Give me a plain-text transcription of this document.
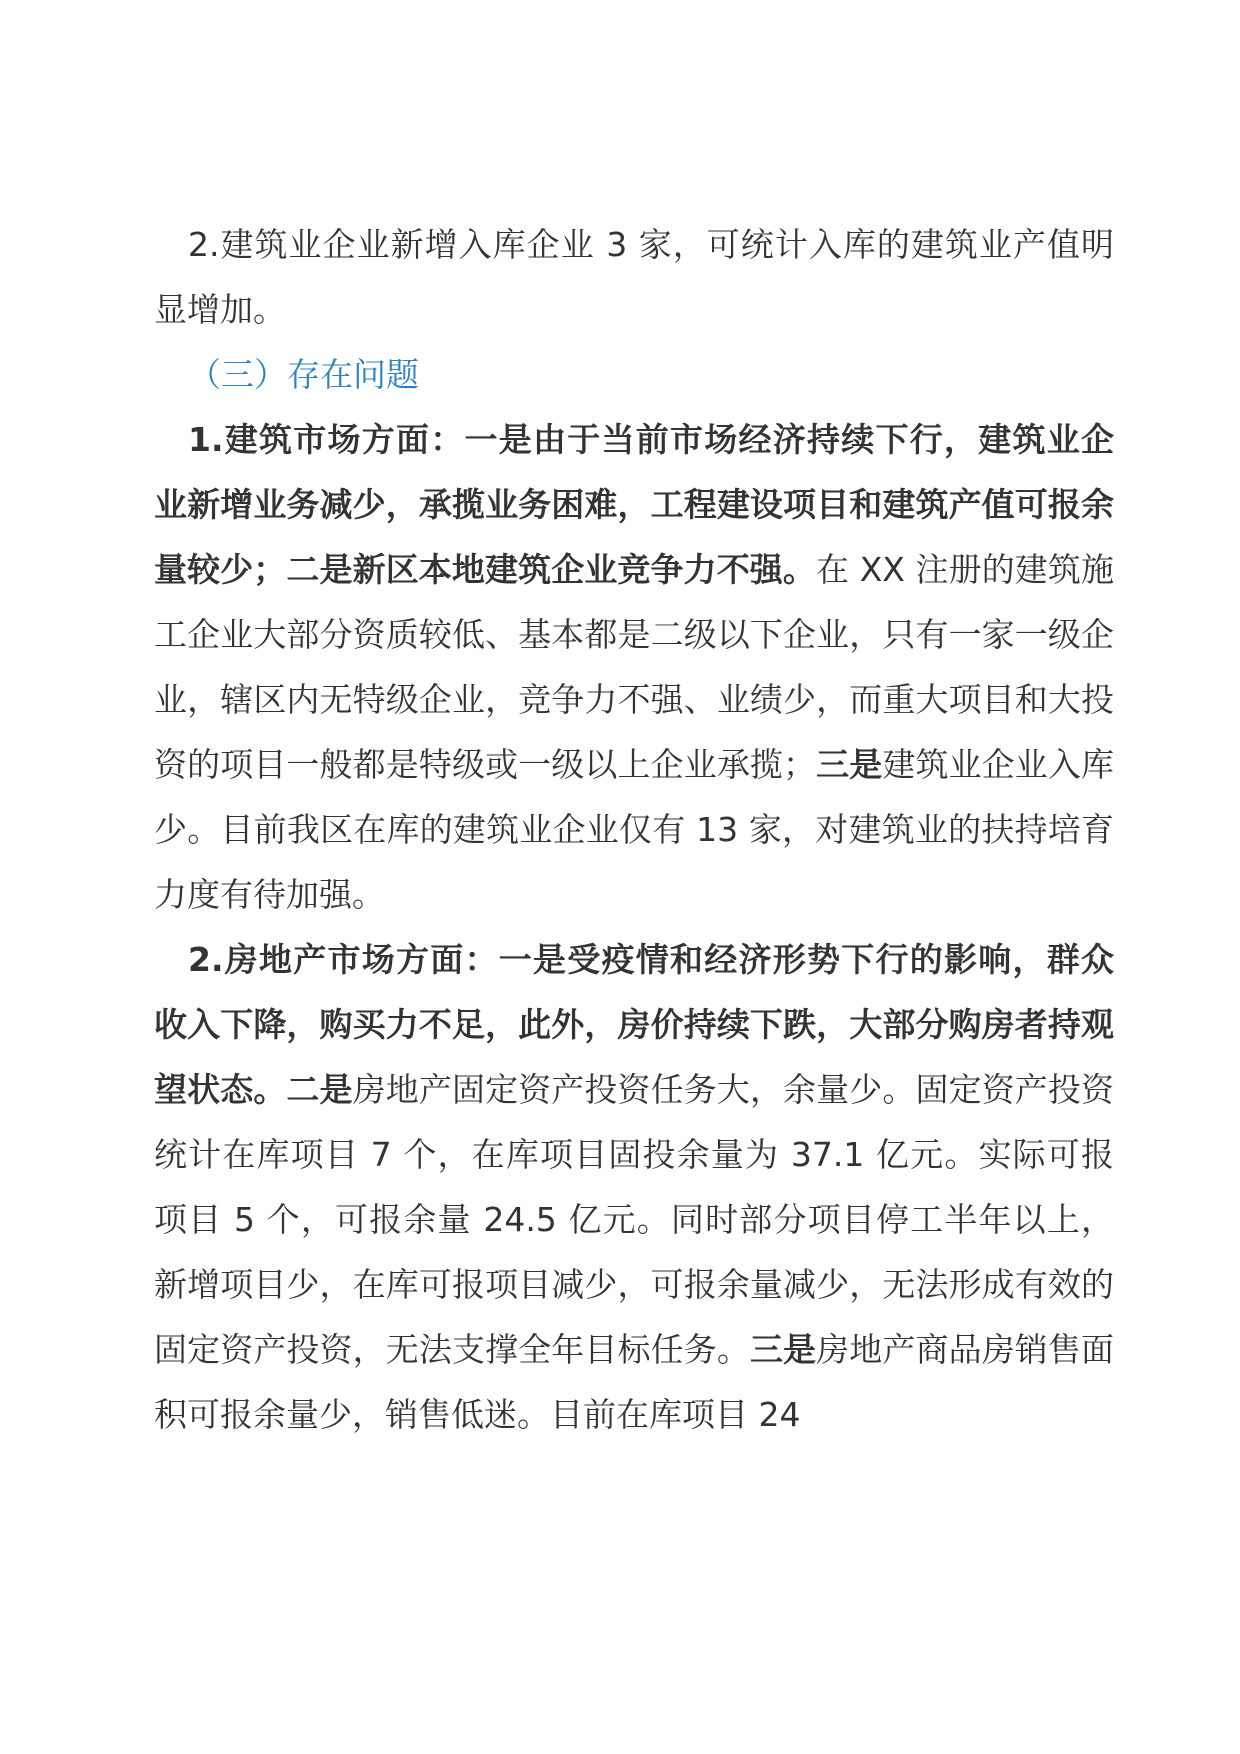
2.建筑业企业新增入库企业 3 家，可统计入库的建筑业产值明显增加。

（三）存在问题

1.建筑市场方面：一是由于当前市场经济持续下行，建筑业企业新增业务减少，承揽业务困难，工程建设项目和建筑产值可报余量较少；二是新区本地建筑企业竞争力不强。在 XX 注册的建筑施工企业大部分资质较低、基本都是二级以下企业，只有一家一级企业，辖区内无特级企业，竞争力不强、业绩少，而重大项目和大投资的项目一般都是特级或一级以上企业承揽；三是建筑业企业入库少。目前我区在库的建筑业企业仅有 13 家，对建筑业的扶持培育力度有待加强。

2.房地产市场方面：一是受疫情和经济形势下行的影响，群众收入下降，购买力不足，此外，房价持续下跌，大部分购房者持观望状态。二是房地产固定资产投资任务大，余量少。固定资产投资统计在库项目 7 个，在库项目固投余量为 37.1 亿元。实际可报项目 5 个，可报余量 24.5 亿元。同时部分项目停工半年以上，新增项目少，在库可报项目减少，可报余量减少，无法形成有效的固定资产投资，无法支撑全年目标任务。三是房地产商品房销售面积可报余量少，销售低迷。目前在库项目 24
